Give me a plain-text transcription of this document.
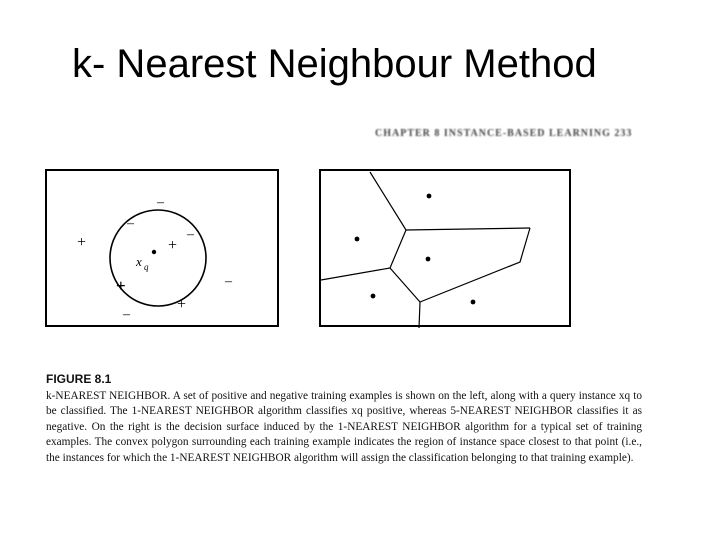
k- Nearest Neighbour Method
CHAPTER 8 INSTANCE-BASED LEARNING 233
x q
+	+
+
+
–
–
–
–
–
FIGURE 8.1
k-NEAREST NEIGHBOR. A set of positive and negative training examples is shown on the left, along with a query instance xq to be classified. The 1-NEAREST NEIGHBOR algorithm classifies xq positive, whereas 5-NEAREST NEIGHBOR classifies it as negative. On the right is the decision surface induced by the 1-NEAREST NEIGHBOR algorithm for a typical set of training examples. The convex polygon surrounding each training example indicates the region of instance space closest to that point (i.e., the instances for which the 1-NEAREST NEIGHBOR algorithm will assign the classification belonging to that training example).
